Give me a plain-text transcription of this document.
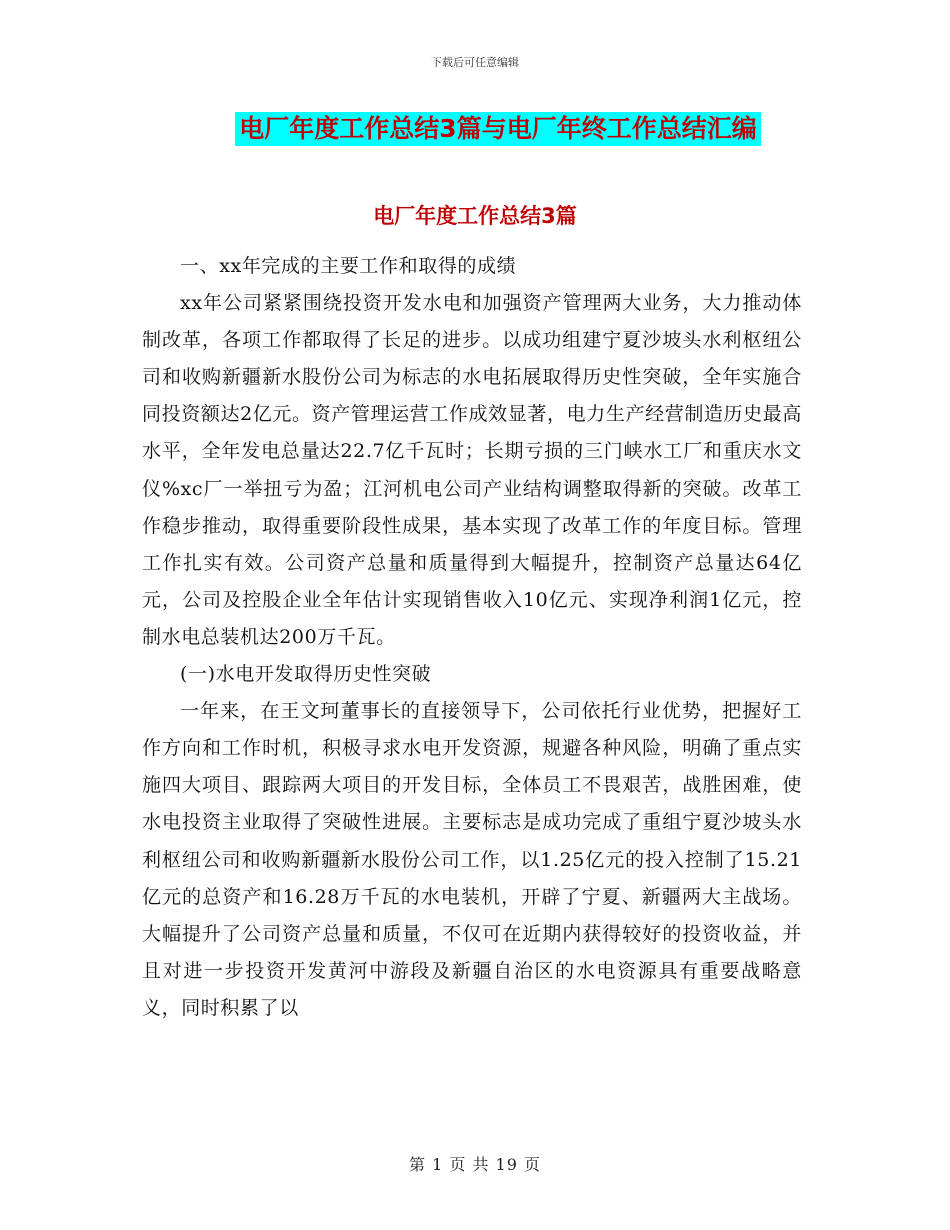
下载后可任意编辑
电厂年度工作总结3篇与电厂年终工作总结汇编
电厂年度工作总结3篇

一、xx年完成的主要工作和取得的成绩

xx年公司紧紧围绕投资开发水电和加强资产管理两大业务，大力推动体制改革，各项工作都取得了长足的进步。以成功组建宁夏沙坡头水利枢纽公司和收购新疆新水股份公司为标志的水电拓展取得历史性突破，全年实施合同投资额达2亿元。资产管理运营工作成效显著，电力生产经营制造历史最高水平，全年发电总量达22.7亿千瓦时；长期亏损的三门峡水工厂和重庆水文仪%xc厂一举扭亏为盈；江河机电公司产业结构调整取得新的突破。改革工作稳步推动，取得重要阶段性成果，基本实现了改革工作的年度目标。管理工作扎实有效。公司资产总量和质量得到大幅提升，控制资产总量达64亿元，公司及控股企业全年估计实现销售收入10亿元、实现净利润1亿元，控制水电总装机达200万千瓦。

(一)水电开发取得历史性突破

一年来，在王文珂董事长的直接领导下，公司依托行业优势，把握好工作方向和工作时机，积极寻求水电开发资源，规避各种风险，明确了重点实施四大项目、跟踪两大项目的开发目标，全体员工不畏艰苦，战胜困难，使水电投资主业取得了突破性进展。主要标志是成功完成了重组宁夏沙坡头水利枢纽公司和收购新疆新水股份公司工作，以1.25亿元的投入控制了15.21亿元的总资产和16.28万千瓦的水电装机，开辟了宁夏、新疆两大主战场。大幅提升了公司资产总量和质量，不仅可在近期内获得较好的投资收益，并且对进一步投资开发黄河中游段及新疆自治区的水电资源具有重要战略意义，同时积累了以

第 1 页 共 19 页
